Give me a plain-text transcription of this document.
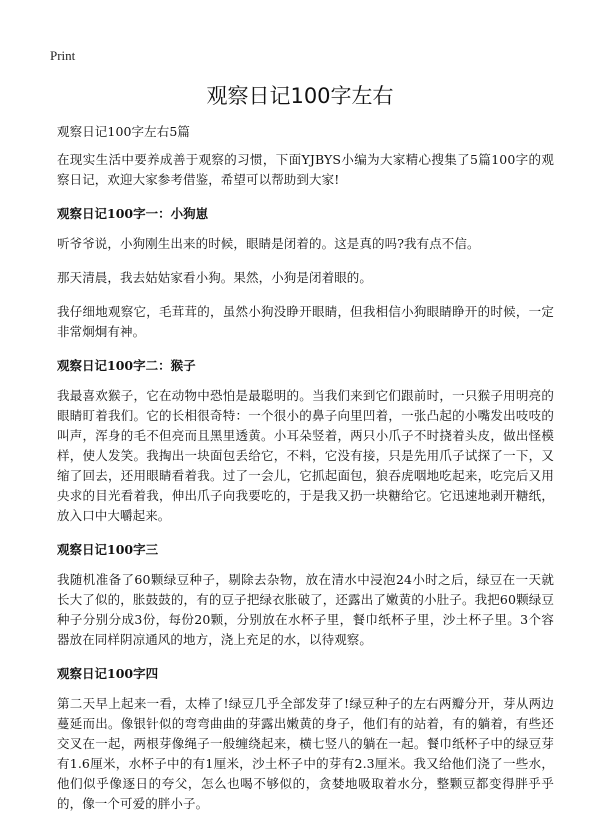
Print
观察日记100字左右

观察日记100字左右5篇

在现实生活中要养成善于观察的习惯，下面YJBYS小编为大家精心搜集了5篇100字的观察日记，欢迎大家参考借鉴，希望可以帮助到大家!

观察日记100字一：小狗崽

听爷爷说，小狗刚生出来的时候，眼睛是闭着的。这是真的吗?我有点不信。

那天清晨，我去姑姑家看小狗。果然，小狗是闭着眼的。

我仔细地观察它，毛茸茸的，虽然小狗没睁开眼睛，但我相信小狗眼睛睁开的时候，一定非常炯炯有神。

观察日记100字二：猴子

我最喜欢猴子，它在动物中恐怕是最聪明的。当我们来到它们跟前时，一只猴子用明亮的眼睛盯着我们。它的长相很奇特：一个很小的鼻子向里凹着，一张凸起的小嘴发出吱吱的叫声，浑身的毛不但亮而且黑里透黄。小耳朵竖着，两只小爪子不时挠着头皮，做出怪模样，使人发笑。我掏出一块面包丢给它，不料，它没有接，只是先用爪子试探了一下，又缩了回去，还用眼睛看着我。过了一会儿，它抓起面包，狼吞虎咽地吃起来，吃完后又用央求的目光看着我，伸出爪子向我要吃的，于是我又扔一块糖给它。它迅速地剥开糖纸，放入口中大嚼起来。

观察日记100字三

我随机准备了60颗绿豆种子，剔除去杂物，放在清水中浸泡24小时之后，绿豆在一天就长大了似的，胀鼓鼓的，有的豆子把绿衣胀破了，还露出了嫩黄的小肚子。我把60颗绿豆种子分别分成3份，每份20颗，分别放在水杯子里，餐巾纸杯子里，沙土杯子里。3个容器放在同样阴凉通风的地方，浇上充足的水，以待观察。

观察日记100字四

第二天早上起来一看，太棒了!绿豆几乎全部发芽了!绿豆种子的左右两瓣分开，芽从两边蔓延而出。像银针似的弯弯曲曲的芽露出嫩黄的身子，他们有的站着，有的躺着，有些还交叉在一起，两根芽像绳子一般缠绕起来，横七竖八的躺在一起。餐巾纸杯子中的绿豆芽有1.6厘米，水杯子中的有1厘米，沙土杯子中的芽有2.3厘米。我又给他们浇了一些水，他们似乎像逐日的夸父，怎么也喝不够似的，贪婪地吸取着水分，整颗豆都变得胖乎乎的，像一个可爱的胖小子。
